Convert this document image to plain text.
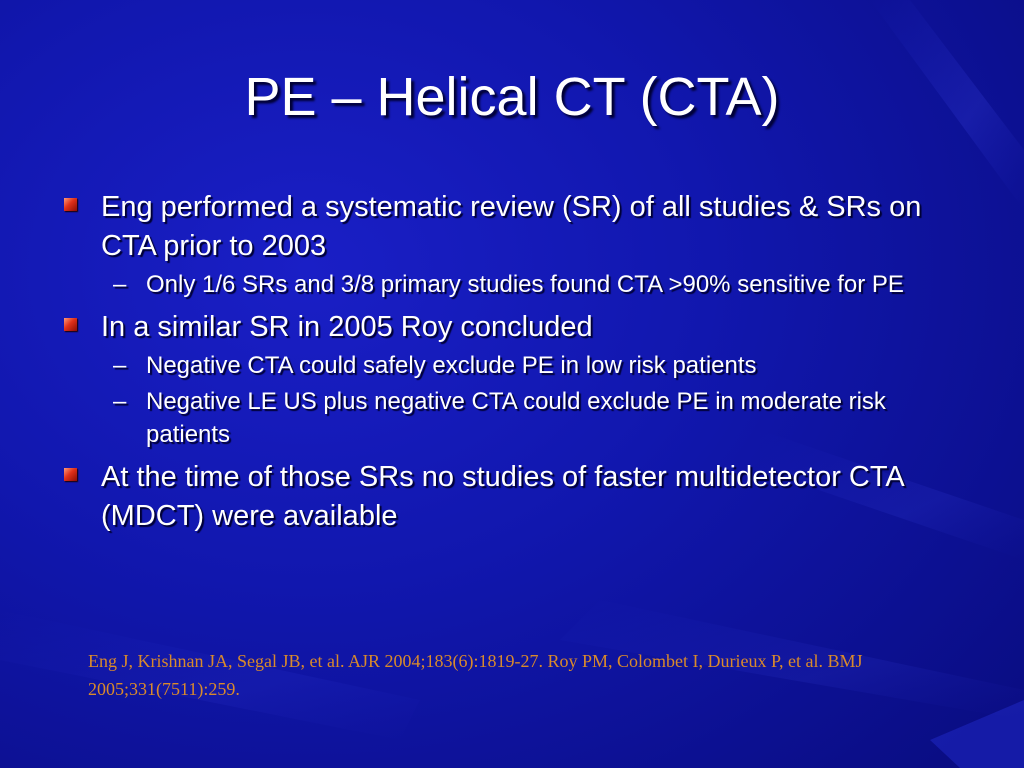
PE – Helical CT (CTA)
Eng performed a systematic review (SR) of all studies & SRs on CTA prior to 2003
– Only 1/6 SRs and 3/8 primary studies found CTA >90% sensitive for PE
In a similar SR in 2005 Roy concluded
– Negative CTA could safely exclude PE in low risk patients
– Negative LE US plus negative CTA could exclude PE in moderate risk patients
At the time of those SRs no studies of faster multidetector CTA (MDCT) were available
Eng J, Krishnan JA, Segal JB, et al. AJR 2004;183(6):1819-27. Roy PM, Colombet I, Durieux P, et al. BMJ 2005;331(7511):259.
